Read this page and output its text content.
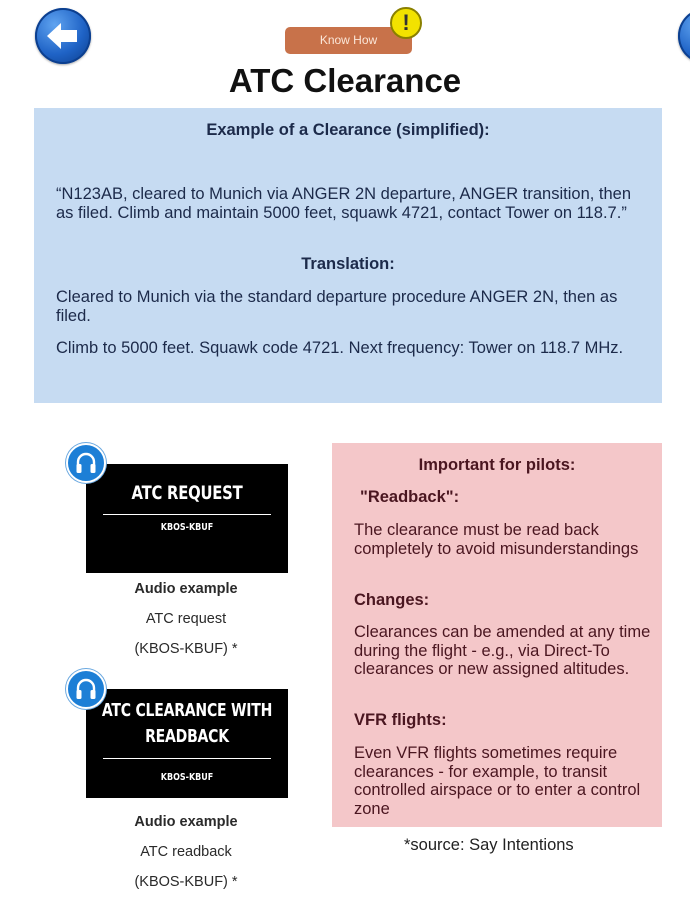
Know How
!
ATC Clearance
Example of a Clearance (simplified):
“N123AB, cleared to Munich via ANGER 2N departure, ANGER transition, then as filed. Climb and maintain 5000 feet, squawk 4721, contact Tower on 118.7.”
Translation:
Cleared to Munich via the standard departure procedure ANGER 2N, then as filed.
Climb to 5000 feet. Squawk code 4721. Next frequency: Tower on 118.7 MHz.
ATC REQUEST
KBOS-KBUF
Audio example
ATC request
(KBOS-KBUF) *
ATC CLEARANCE WITH
READBACK
KBOS-KBUF
Audio example
ATC readback
(KBOS-KBUF) *
Important for pilots:
"Readback":
The clearance must be read back completely to avoid misunderstandings
Changes:
Clearances can be amended at any time during the flight - e.g., via Direct-To clearances or new assigned altitudes.
VFR flights:
Even VFR flights sometimes require clearances - for example, to transit controlled airspace or to enter a control zone
*source: Say Intentions
